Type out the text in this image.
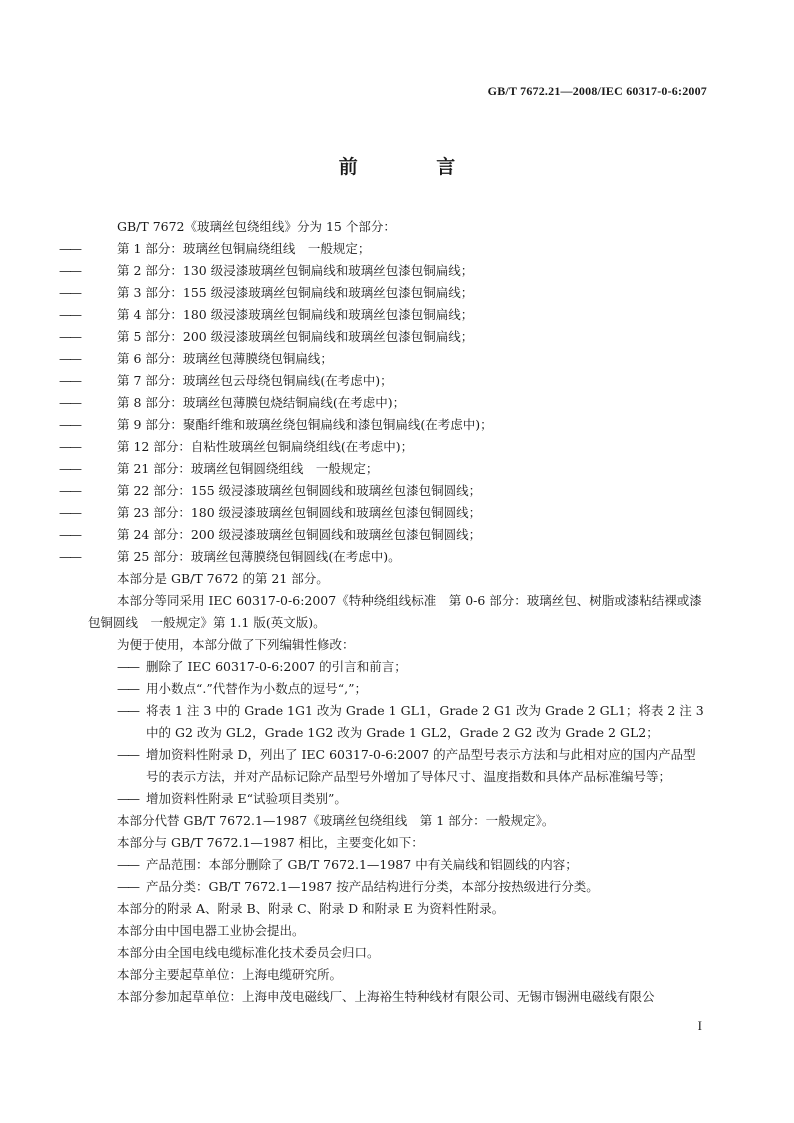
GB/T 7672.21—2008/IEC 60317-0-6:2007
前 言

GB/T 7672《玻璃丝包绕组线》分为 15 个部分：

——	第 1 部分：玻璃丝包铜扁绕组线　一般规定；

——	第 2 部分：130 级浸漆玻璃丝包铜扁线和玻璃丝包漆包铜扁线；

——	第 3 部分：155 级浸漆玻璃丝包铜扁线和玻璃丝包漆包铜扁线；

——	第 4 部分：180 级浸漆玻璃丝包铜扁线和玻璃丝包漆包铜扁线；

——	第 5 部分：200 级浸漆玻璃丝包铜扁线和玻璃丝包漆包铜扁线；

——	第 6 部分：玻璃丝包薄膜绕包铜扁线；

——	第 7 部分：玻璃丝包云母绕包铜扁线(在考虑中)；

——	第 8 部分：玻璃丝包薄膜包烧结铜扁线(在考虑中)；

——	第 9 部分：聚酯纤维和玻璃丝绕包铜扁线和漆包铜扁线(在考虑中)；

——	第 12 部分：自粘性玻璃丝包铜扁绕组线(在考虑中)；

——	第 21 部分：玻璃丝包铜圆绕组线　一般规定；

——	第 22 部分：155 级浸漆玻璃丝包铜圆线和玻璃丝包漆包铜圆线；

——	第 23 部分：180 级浸漆玻璃丝包铜圆线和玻璃丝包漆包铜圆线；

——	第 24 部分：200 级浸漆玻璃丝包铜圆线和玻璃丝包漆包铜圆线；

——	第 25 部分：玻璃丝包薄膜绕包铜圆线(在考虑中)。

本部分是 GB/T 7672 的第 21 部分。

本部分等同采用 IEC 60317-0-6:2007《特种绕组线标准　第 0-6 部分：玻璃丝包、树脂或漆粘结裸或漆包铜圆线　一般规定》第 1.1 版(英文版)。

为便于使用，本部分做了下列编辑性修改：

—— 删除了 IEC 60317-0-6:2007 的引言和前言；

—— 用小数点“.”代替作为小数点的逗号“,”；

—— 将表 1 注 3 中的 Grade 1G1 改为 Grade 1 GL1，Grade 2 G1 改为 Grade 2 GL1；将表 2 注 3 中的 G2 改为 GL2，Grade 1G2 改为 Grade 1 GL2，Grade 2 G2 改为 Grade 2 GL2；

—— 增加资料性附录 D，列出了 IEC 60317-0-6:2007 的产品型号表示方法和与此相对应的国内产品型号的表示方法，并对产品标记除产品型号外增加了导体尺寸、温度指数和具体产品标准编号等；

—— 增加资料性附录 E“试验项目类别”。

本部分代替 GB/T 7672.1—1987《玻璃丝包绕组线　第 1 部分：一般规定》。

本部分与 GB/T 7672.1—1987 相比，主要变化如下：

—— 产品范围：本部分删除了 GB/T 7672.1—1987 中有关扁线和铝圆线的内容；

—— 产品分类：GB/T 7672.1—1987 按产品结构进行分类，本部分按热级进行分类。

本部分的附录 A、附录 B、附录 C、附录 D 和附录 E 为资料性附录。

本部分由中国电器工业协会提出。

本部分由全国电线电缆标准化技术委员会归口。

本部分主要起草单位：上海电缆研究所。

本部分参加起草单位：上海申茂电磁线厂、上海裕生特种线材有限公司、无锡市锡洲电磁线有限公

I
